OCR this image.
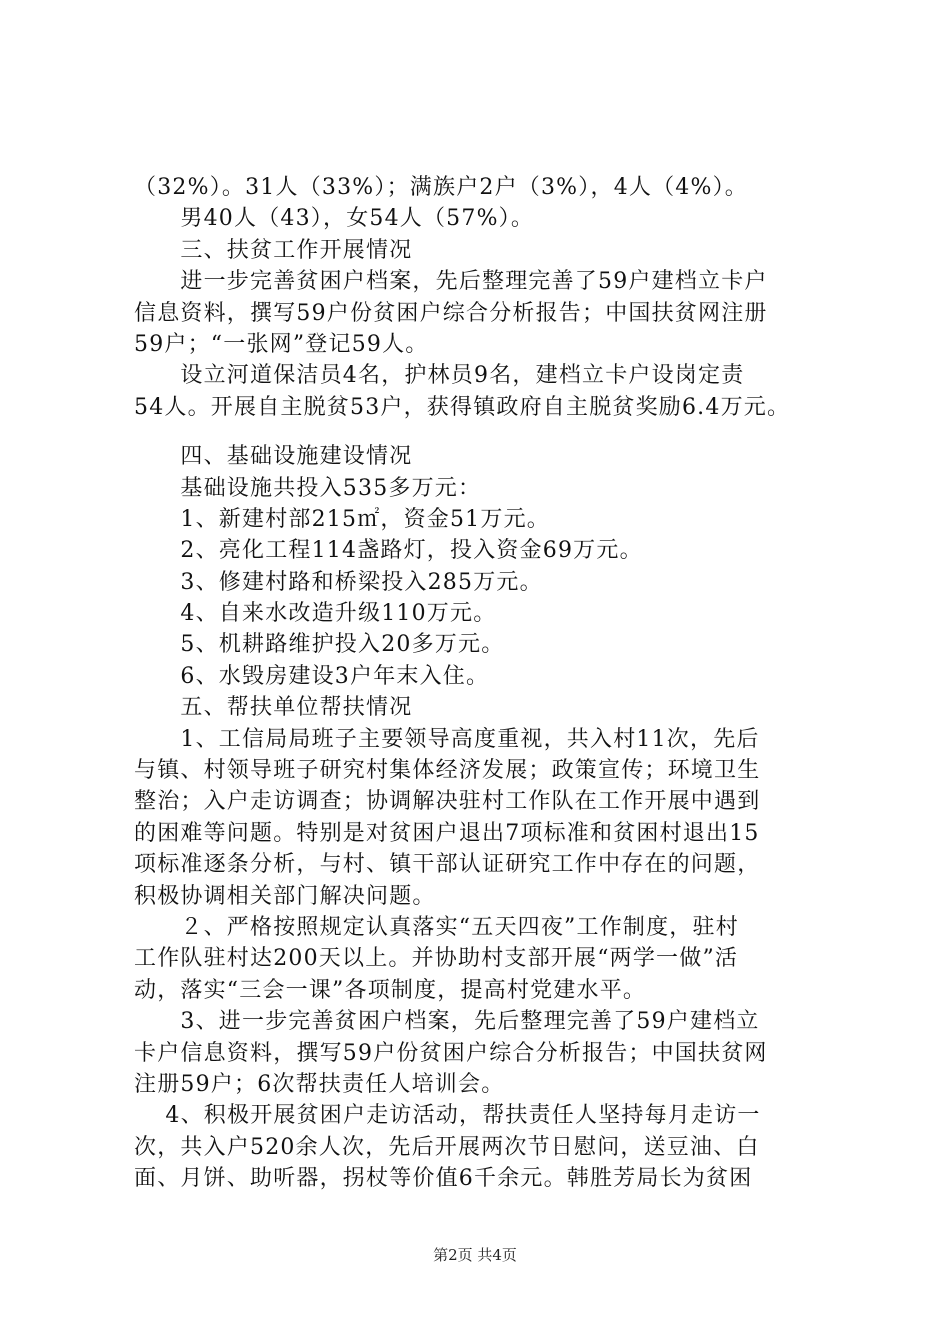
（32%）。31人（33%）；满族户2户（3%），4人（4%）。
　　男40人（43），女54人（57%）。
　　三、扶贫工作开展情况
　　进一步完善贫困户档案，先后整理完善了59户建档立卡户
信息资料，撰写59户份贫困户综合分析报告；中国扶贫网注册
59户；“一张网”登记59人。
　　设立河道保洁员4名，护林员9名，建档立卡户设岗定责
54人。开展自主脱贫53户，获得镇政府自主脱贫奖励6.4万元。
　　四、基础设施建设情况
　　基础设施共投入535多万元：
　　1、新建村部215㎡，资金51万元。
　　2、亮化工程114盏路灯，投入资金69万元。
　　3、修建村路和桥梁投入285万元。
　　4、自来水改造升级110万元。
　　5、机耕路维护投入20多万元。
　　6、水毁房建设3户年末入住。
　　五、帮扶单位帮扶情况
　　1、工信局局班子主要领导高度重视，共入村11次，先后
与镇、村领导班子研究村集体经济发展；政策宣传；环境卫生
整治；入户走访调查；协调解决驻村工作队在工作开展中遇到
的困难等问题。特别是对贫困户退出7项标准和贫困村退出15
项标准逐条分析，与村、镇干部认证研究工作中存在的问题，
积极协调相关部门解决问题。
　　２、严格按照规定认真落实“五天四夜”工作制度，驻村
工作队驻村达200天以上。并协助村支部开展“两学一做”活
动，落实“三会一课”各项制度，提高村党建水平。
　　3、进一步完善贫困户档案，先后整理完善了59户建档立
卡户信息资料，撰写59户份贫困户综合分析报告；中国扶贫网
注册59户；6次帮扶责任人培训会。
　 4、积极开展贫困户走访活动，帮扶责任人坚持每月走访一
次，共入户520余人次，先后开展两次节日慰问，送豆油、白
面、月饼、助听器，拐杖等价值6千余元。韩胜芳局长为贫困
第2页 共4页
